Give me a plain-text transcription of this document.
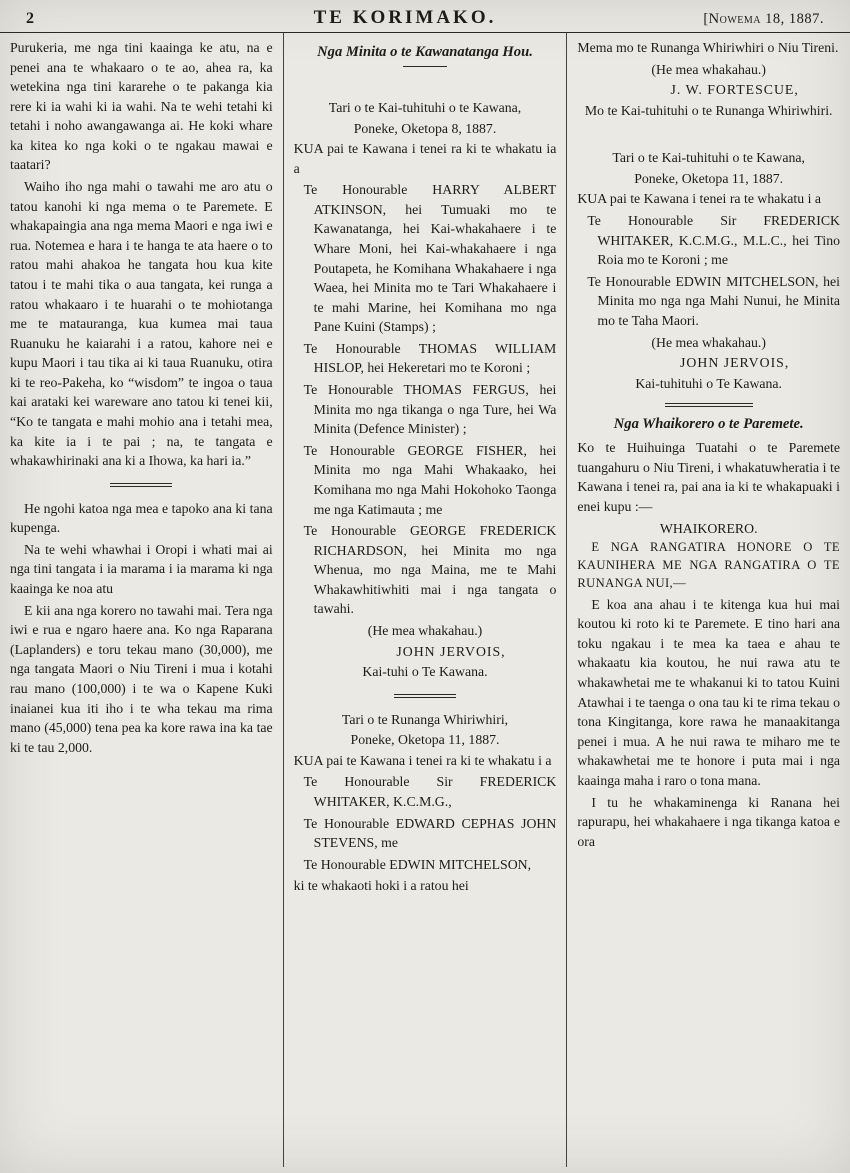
2	TE KORIMAKO.	[Nowema 18, 1887.
Purukeria, me nga tini kaainga ke atu, na e penei ana te whakaaro o te ao, ahea ra, ka wetekina nga tini kararehe o te pakanga kia rere ki ia wahi ki ia wahi. Na te wehi tetahi ki tetahi i noho awangawanga ai. He koki whare ka kitea ko nga koki o te ngakau mawai e taatari?
Waiho iho nga mahi o tawahi me aro atu o tatou kanohi ki nga mema o te Paremete. E whakapaingia ana nga mema Maori e nga iwi e rua. Notemea e hara i te hanga te ata haere o to ratou mahi ahakoa he tangata hou kua kite tatou i te mahi tika o aua tangata, kei runga a ratou whakaaro i te huarahi o te mohiotanga me te matauranga, kua kumea mai taua Ruanuku he kaiarahi i a ratou, kahore nei e kupu Maori i tau tika ai ki taua Ruanuku, otira ki te reo-Pakeha, ko “wisdom” te ingoa o taua kai arataki kei wareware ano tatou ki tenei kii, “Ko te tangata e mahi mohio ana i tetahi mea, ka kite ia i te pai ; na, te tangata e whakawhirinaki ana ki a Ihowa, ka hari ia.”
He ngohi katoa nga mea e tapoko ana ki tana kupenga.
Na te wehi whawhai i Oropi i whati mai ai nga tini tangata i ia marama i ia marama ki nga kaainga ke noa atu
E kii ana nga korero no tawahi mai. Tera nga iwi e rua e ngaro haere ana. Ko nga Raparana (Laplanders) e toru tekau mano (30,000), me nga tangata Maori o Niu Tireni i mua i kotahi rau mano (100,000) i te wa o Kapene Kuki inaianei kua iti iho i te wha tekau ma rima mano (45,000) tena pea ka kore rawa ina ka tae ki te tau 2,000.
Nga Minita o te Kawanatanga Hou.
Tari o te Kai-tuhituhi o te Kawana,
Poneke, Oketopa 8, 1887.
KUA pai te Kawana i tenei ra ki te whakatu ia a
Te Honourable HARRY ALBERT ATKINSON, hei Tumuaki mo te Kawanatanga, hei Kai-whakahaere i te Whare Moni, hei Kai-whakahaere i nga Poutapeta, he Komihana Whakahaere i nga Waea, hei Minita mo te Tari Whakahaere i te mahi Marine, hei Komihana mo nga Pane Kuini (Stamps) ;
Te Honourable THOMAS WILLIAM HISLOP, hei Hekeretari mo te Koroni ;
Te Honourable THOMAS FERGUS, hei Minita mo nga tikanga o nga Ture, hei Wa Minita (Defence Minister) ;
Te Honourable GEORGE FISHER, hei Minita mo nga Mahi Whakaako, hei Komihana mo nga Mahi Hokohoko Taonga me nga Katimauta ; me
Te Honourable GEORGE FREDERICK RICHARDSON, hei Minita mo nga Whenua, mo nga Maina, me te Mahi Whakawhitiwhiti mai i nga tangata o tawahi.
(He mea whakahau.)
JOHN JERVOIS,
Kai-tuhi o Te Kawana.
Tari o te Runanga Whiriwhiri,
Poneke, Oketopa 11, 1887.
KUA pai te Kawana i tenei ra ki te whakatu i a
Te Honourable Sir FREDERICK WHITAKER, K.C.M.G.,
Te Honourable EDWARD CEPHAS JOHN STEVENS, me
Te Honourable EDWIN MITCHELSON,
ki te whakaoti hoki i a ratou hei
Mema mo te Runanga Whiriwhiri o Niu Tireni.
(He mea whakahau.)
J. W. FORTESCUE,
Mo te Kai-tuhituhi o te Runanga Whiriwhiri.
Tari o te Kai-tuhituhi o te Kawana,
Poneke, Oketopa 11, 1887.
KUA pai te Kawana i tenei ra te whakatu i a
Te Honourable Sir FREDERICK WHITAKER, K.C.M.G., M.L.C., hei Tino Roia mo te Koroni ; me
Te Honourable EDWIN MITCHELSON, hei Minita mo nga nga Mahi Nunui, he Minita mo te Taha Maori.
(He mea whakahau.)
JOHN JERVOIS,
Kai-tuhituhi o Te Kawana.
Nga Whaikorero o te Paremete.
Ko te Huihuinga Tuatahi o te Paremete tuangahuru o Niu Tireni, i whakatuwheratia i te Kawana i tenei ra, pai ana ia ki te whakapuaki i enei kupu :—
WHAIKORERO.
E NGA RANGATIRA HONORE O TE KAUNIHERA ME NGA RANGATIRA O TE RUNANGA NUI,—
E koa ana ahau i te kitenga kua hui mai koutou ki roto ki te Paremete. E tino hari ana toku ngakau i te mea ka taea e ahau te whakaatu kia koutou, he nui rawa atu te whakawhetai me te whakanui ki to tatou Kuini Atawhai i te taenga o ona tau ki te rima tekau o tona Kingitanga, kore rawa he manaakitanga penei i mua. A he nui rawa te miharo me te whakawhetai me te honore i puta mai i nga kaainga maha i raro o tona mana.
I tu he whakaminenga ki Ranana hei rapurapu, hei whakahaere i nga tikanga katoa e ora
